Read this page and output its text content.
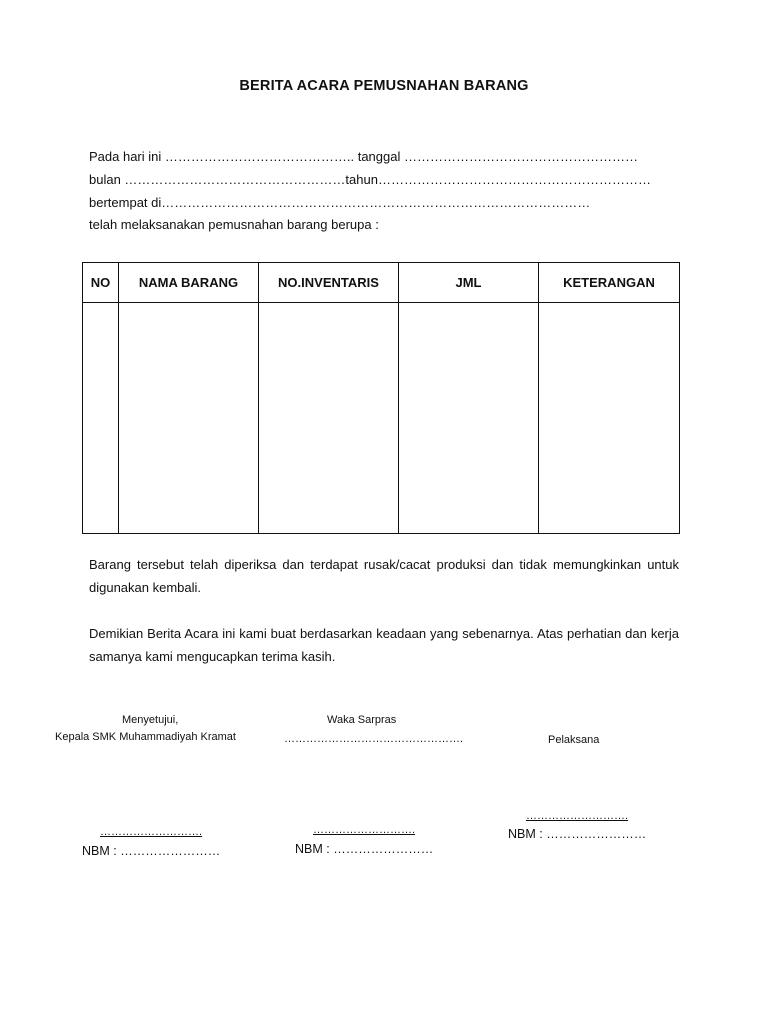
BERITA ACARA PEMUSNAHAN BARANG
Pada hari ini …………………………………….. tanggal ………………………………………………
bulan ……………………………………………tahun………………………………………………………
bertempat di………………………………………………………………………………………
telah melaksanakan pemusnahan barang berupa :
NO	NAMA BARANG	NO.INVENTARIS	JML	KETERANGAN

Barang tersebut telah diperiksa dan terdapat rusak/cacat produksi dan tidak memungkinkan untuk digunakan kembali.
Demikian Berita Acara ini kami buat berdasarkan keadaan yang sebenarnya. Atas perhatian dan kerja samanya kami mengucapkan terima kasih.
Menyetujui,
Kepala SMK Muhammadiyah Kramat
……………………….
NBM : ……………………
Waka Sarpras
………………………………………….
……………………….
NBM : ……………………
Pelaksana
……………………….
NBM : ……………………
